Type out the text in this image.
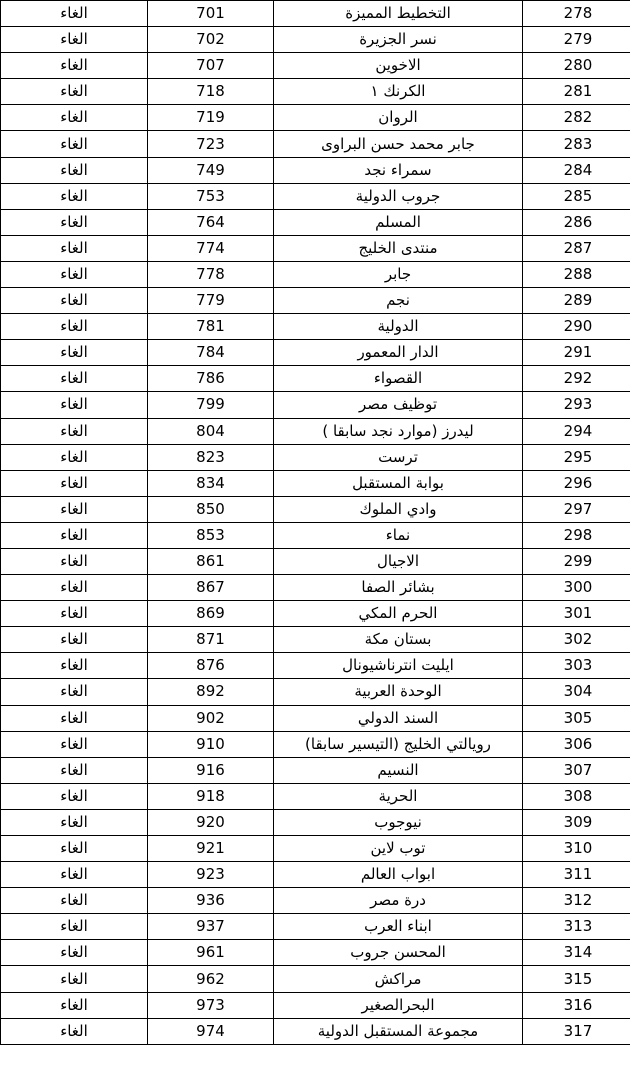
الغاء	701	التخطيط المميزة	278
الغاء	702	نسر الجزيرة	279
الغاء	707	الاخوين	280
الغاء	718	الكرنك ١	281
الغاء	719	الروان	282
الغاء	723	جابر محمد حسن البراوى	283
الغاء	749	سمراء نجد	284
الغاء	753	جروب الدولية	285
الغاء	764	المسلم	286
الغاء	774	منتدى الخليج	287
الغاء	778	جابر	288
الغاء	779	نجم	289
الغاء	781	الدولية	290
الغاء	784	الدار المعمور	291
الغاء	786	القصواء	292
الغاء	799	توظيف مصر	293
الغاء	804	ليدرز (موارد نجد سابقا )	294
الغاء	823	ترست	295
الغاء	834	بوابة المستقبل	296
الغاء	850	وادي الملوك	297
الغاء	853	نماء	298
الغاء	861	الاجيال	299
الغاء	867	بشائر الصفا	300
الغاء	869	الحرم المكي	301
الغاء	871	بستان مكة	302
الغاء	876	ايليت انترناشيونال	303
الغاء	892	الوحدة العربية	304
الغاء	902	السند الدولي	305
الغاء	910	رويالتي الخليج (التيسير سابقا)	306
الغاء	916	النسيم	307
الغاء	918	الحرية	308
الغاء	920	نيوجوب	309
الغاء	921	توب لاين	310
الغاء	923	ابواب العالم	311
الغاء	936	درة مصر	312
الغاء	937	ابناء العرب	313
الغاء	961	المحسن جروب	314
الغاء	962	مراكش	315
الغاء	973	البحرالصغير	316
الغاء	974	مجموعة المستقبل الدولية	317
